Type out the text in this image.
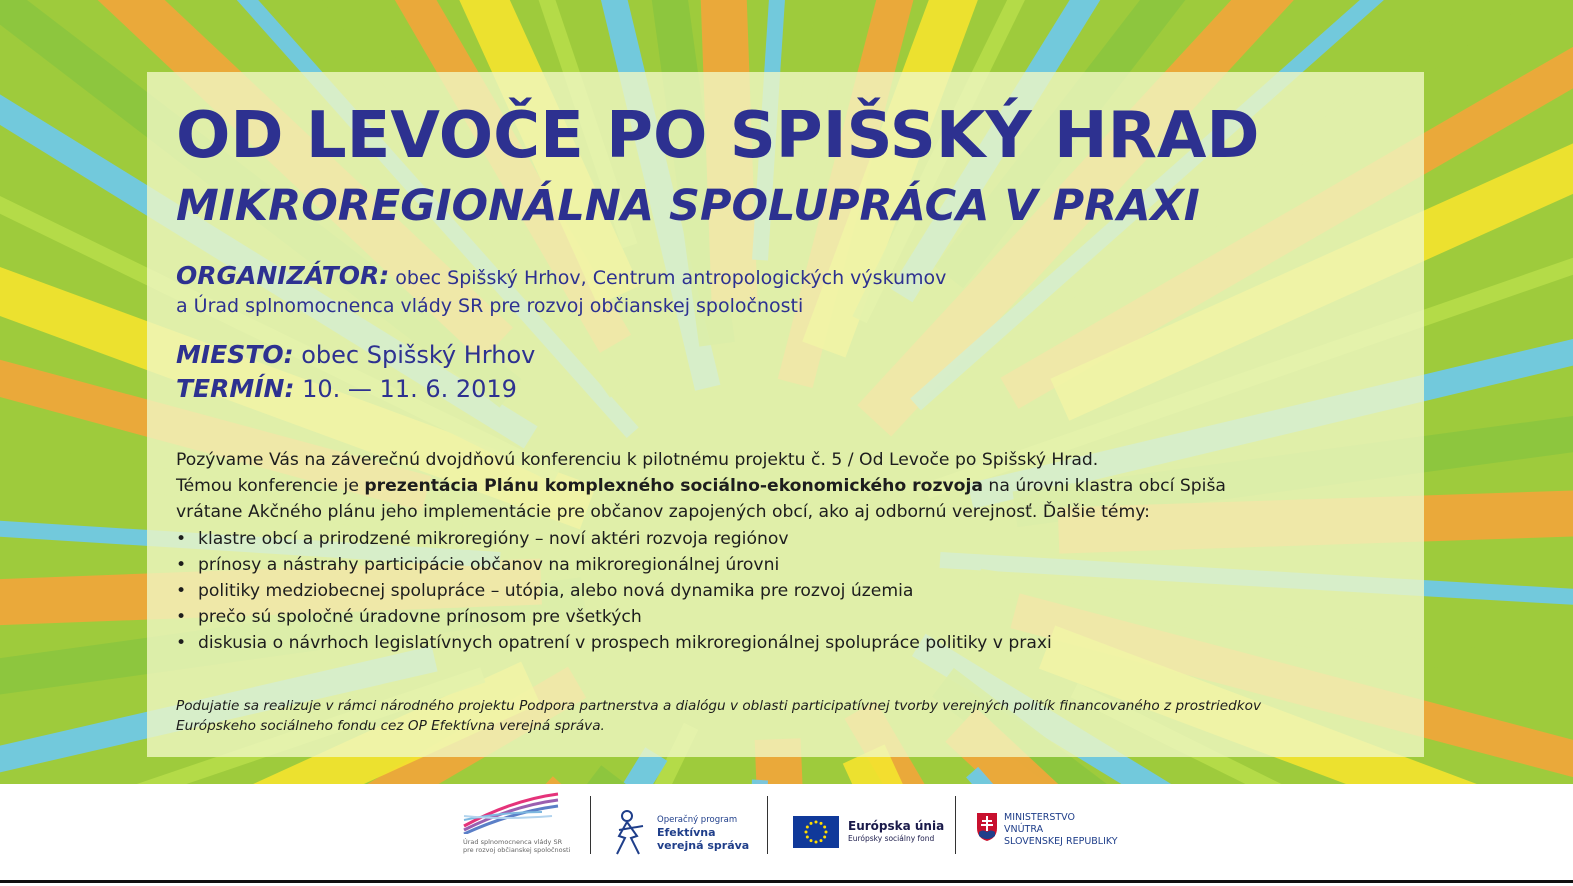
OD LEVOČE PO SPIŠSKÝ HRAD
MIKROREGIONÁLNA SPOLUPRÁCA V PRAXI
ORGANIZÁTOR: obec Spišský Hrhov, Centrum antropologických výskumov
a Úrad splnomocnenca vlády SR pre rozvoj občianskej spoločnosti
MIESTO: obec Spišský Hrhov
TERMÍN: 10. — 11. 6. 2019

Pozývame Vás na záverečnú dvojdňovú konferenciu k pilotnému projektu č. 5 / Od Levoče po Spišský Hrad.

Témou konferencie je prezentácia Plánu komplexného sociálno-ekonomického rozvoja na úrovni klastra obcí Spiša

vrátane Akčného plánu jeho implementácie pre občanov zapojených obcí, ako aj odbornú verejnosť. Ďalšie témy:

• klastre obcí a prirodzené mikroregióny – noví aktéri rozvoja regiónov
• prínosy a nástrahy participácie občanov na mikroregionálnej úrovni
• politiky medziobecnej spolupráce – utópia, alebo nová dynamika pre rozvoj územia
• prečo sú spoločné úradovne prínosom pre všetkých
• diskusia o návrhoch legislatívnych opatrení v prospech mikroregionálnej spolupráce politiky v praxi
Podujatie sa realizuje v rámci národného projektu Podpora partnerstva a dialógu v oblasti participatívnej tvorby verejných politík financovaného z prostriedkov
Európskeho sociálneho fondu cez OP Efektívna verejná správa.
Úrad splnomocnenca vlády SR
pre rozvoj občianskej spoločnosti
Operačný program
Efektívna
verejná správa
Európska únia
Európsky sociálny fond
MINISTERSTVO
VNÚTRA
SLOVENSKEJ REPUBLIKY
